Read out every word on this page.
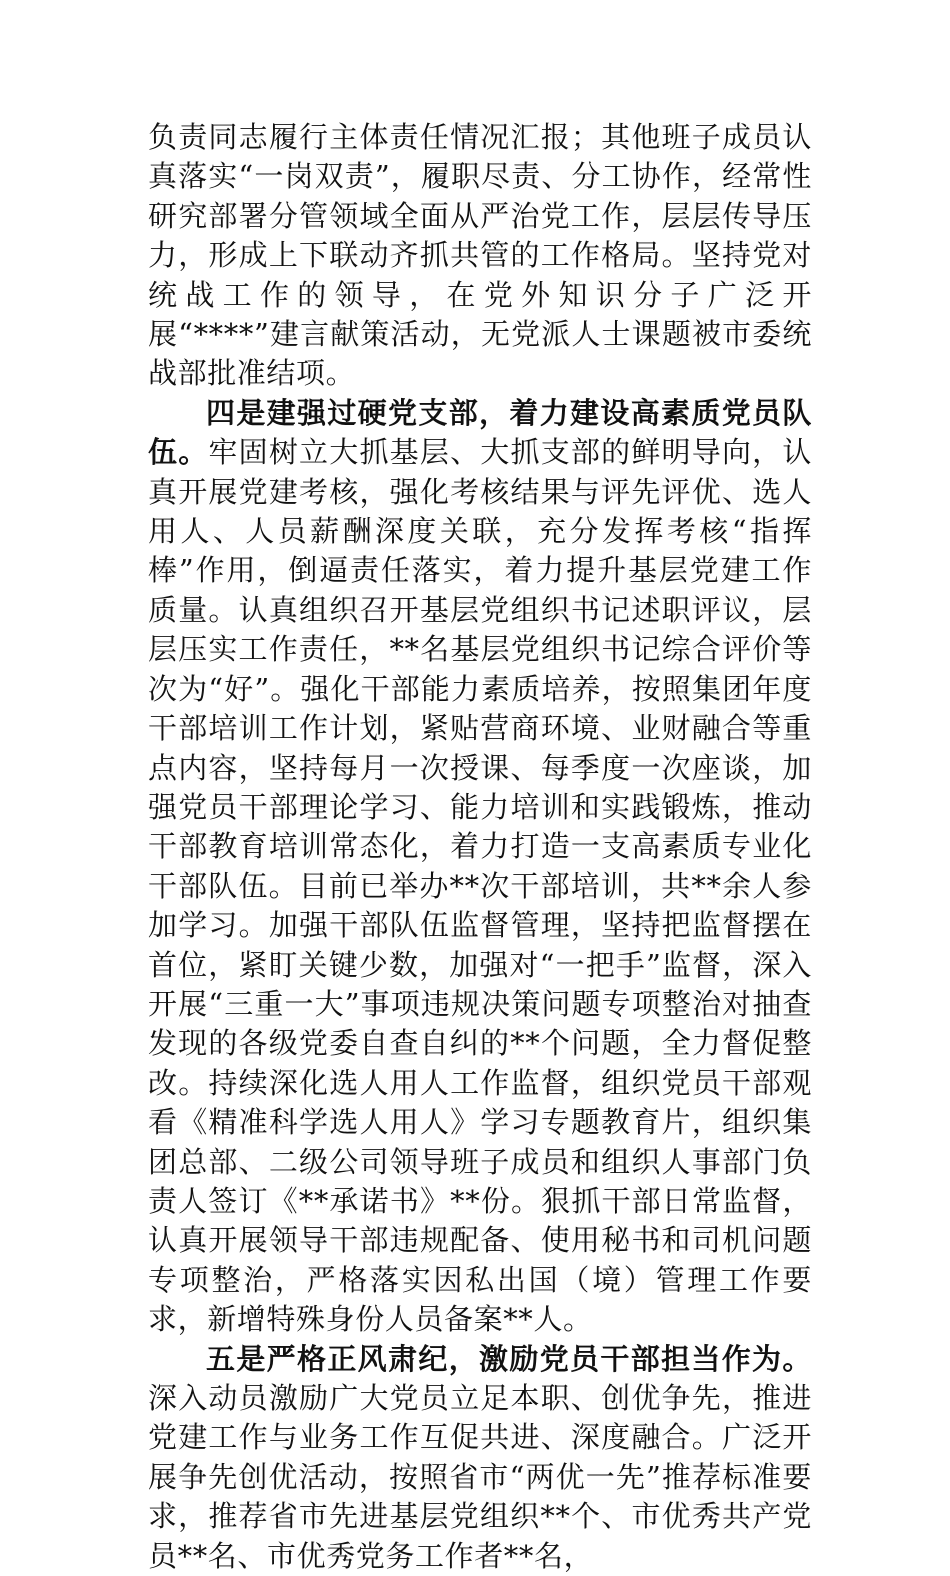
负责同志履行主体责任情况汇报；其他班子成员认真落实“一岗双责”，履职尽责、分工协作，经常性研究部署分管领域全面从严治党工作，层层传导压力，形成上下联动齐抓共管的工作格局。坚持党对统战工作的领导，在党外知识分子广泛开展“****”建言献策活动，无党派人士课题被市委统战部批准结项。

四是建强过硬党支部，着力建设高素质党员队伍。牢固树立大抓基层、大抓支部的鲜明导向，认真开展党建考核，强化考核结果与评先评优、选人用人、人员薪酬深度关联，充分发挥考核“指挥棒”作用，倒逼责任落实，着力提升基层党建工作质量。认真组织召开基层党组织书记述职评议，层层压实工作责任，**名基层党组织书记综合评价等次为“好”。强化干部能力素质培养，按照集团年度干部培训工作计划，紧贴营商环境、业财融合等重点内容，坚持每月一次授课、每季度一次座谈，加强党员干部理论学习、能力培训和实践锻炼，推动干部教育培训常态化，着力打造一支高素质专业化干部队伍。目前已举办**次干部培训，共**余人参加学习。加强干部队伍监督管理，坚持把监督摆在首位，紧盯关键少数，加强对“一把手”监督，深入开展“三重一大”事项违规决策问题专项整治对抽查发现的各级党委自查自纠的**个问题，全力督促整改。持续深化选人用人工作监督，组织党员干部观看《精准科学选人用人》学习专题教育片，组织集团总部、二级公司领导班子成员和组织人事部门负责人签订《**承诺书》**份。狠抓干部日常监督，认真开展领导干部违规配备、使用秘书和司机问题专项整治，严格落实因私出国（境）管理工作要求，新增特殊身份人员备案**人。

五是严格正风肃纪，激励党员干部担当作为。深入动员激励广大党员立足本职、创优争先，推进党建工作与业务工作互促共进、深度融合。广泛开展争先创优活动，按照省市“两优一先”推荐标准要求，推荐省市先进基层党组织**个、市优秀共产党员**名、市优秀党务工作者**名，
